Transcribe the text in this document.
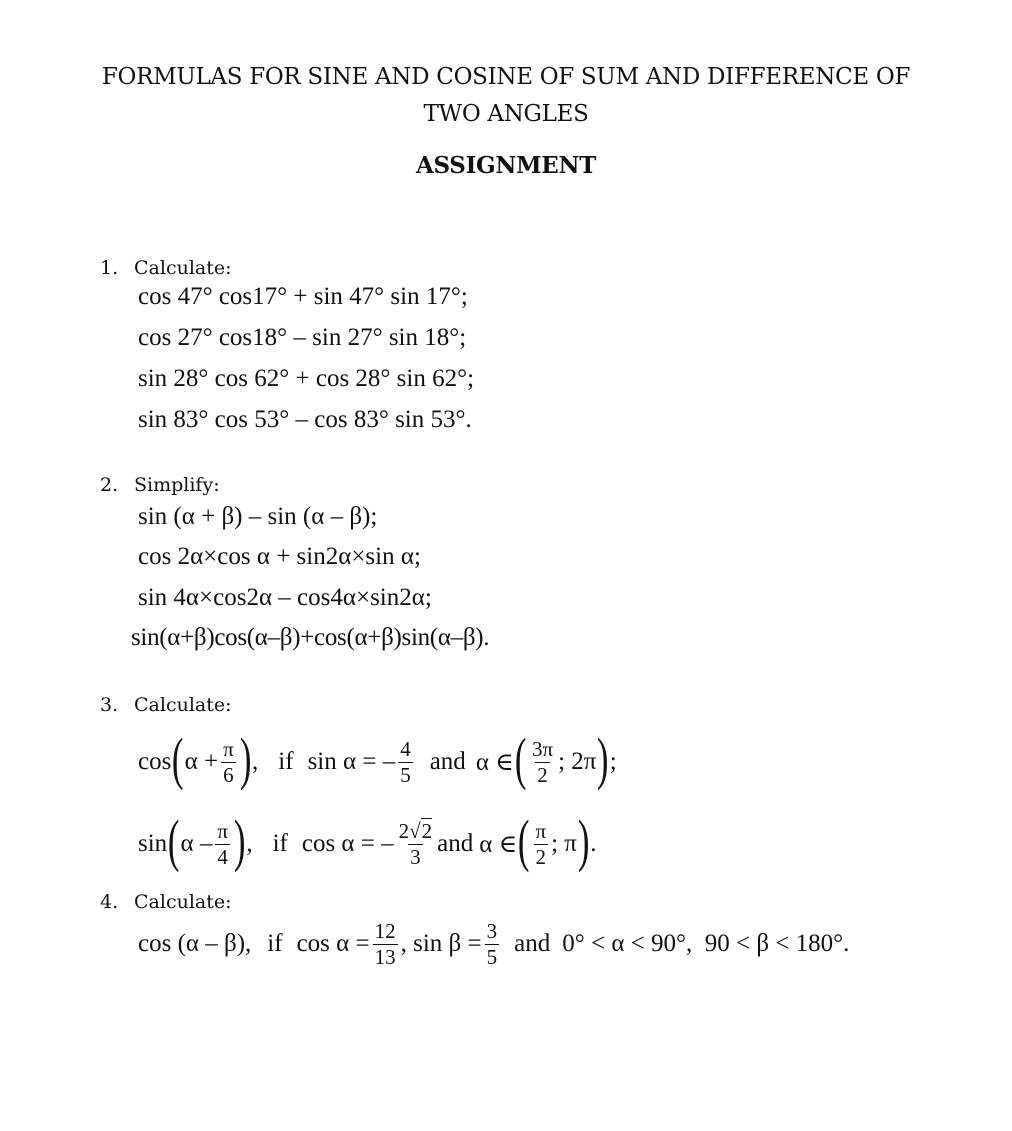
FORMULAS FOR SINE AND COSINE OF SUM AND DIFFERENCE OF
TWO ANGLES
ASSIGNMENT
1. Calculate:
cos 47° cos17° + sin 47° sin 17°;
cos 27° cos18° – sin 27° sin 18°;
sin 28° cos 62° + cos 28° sin 62°;
sin 83° cos 53° – cos 83° sin 53°.
2. Simplify:
sin (α + β) – sin (α – β);
cos 2α×cos α + sin2α×sin α;
sin 4α×cos2α – cos4α×sin2α;
sin(α+β)cos(α–β)+cos(α+β)sin(α–β).
3. Calculate:
cos ( $\alpha + \frac{\pi}{6}$ ) , if sin α = – $\frac{4}{5}$ and α ∈ ( $\frac{3\pi}{2}$ ; 2π ) ;
sin ( α – $\frac{\pi}{4}$ ) , if cos α = – $\frac{2√2}{3}$ and α ∈ ( $\frac{\pi}{2}$ ; π ) .
4. Calculate:
cos (α – β), if $\cos \alpha = \frac{12}{13}$ , $\sin \beta = \frac{3}{5}$ and 0° < α < 90°,  90 < β < 180°.
